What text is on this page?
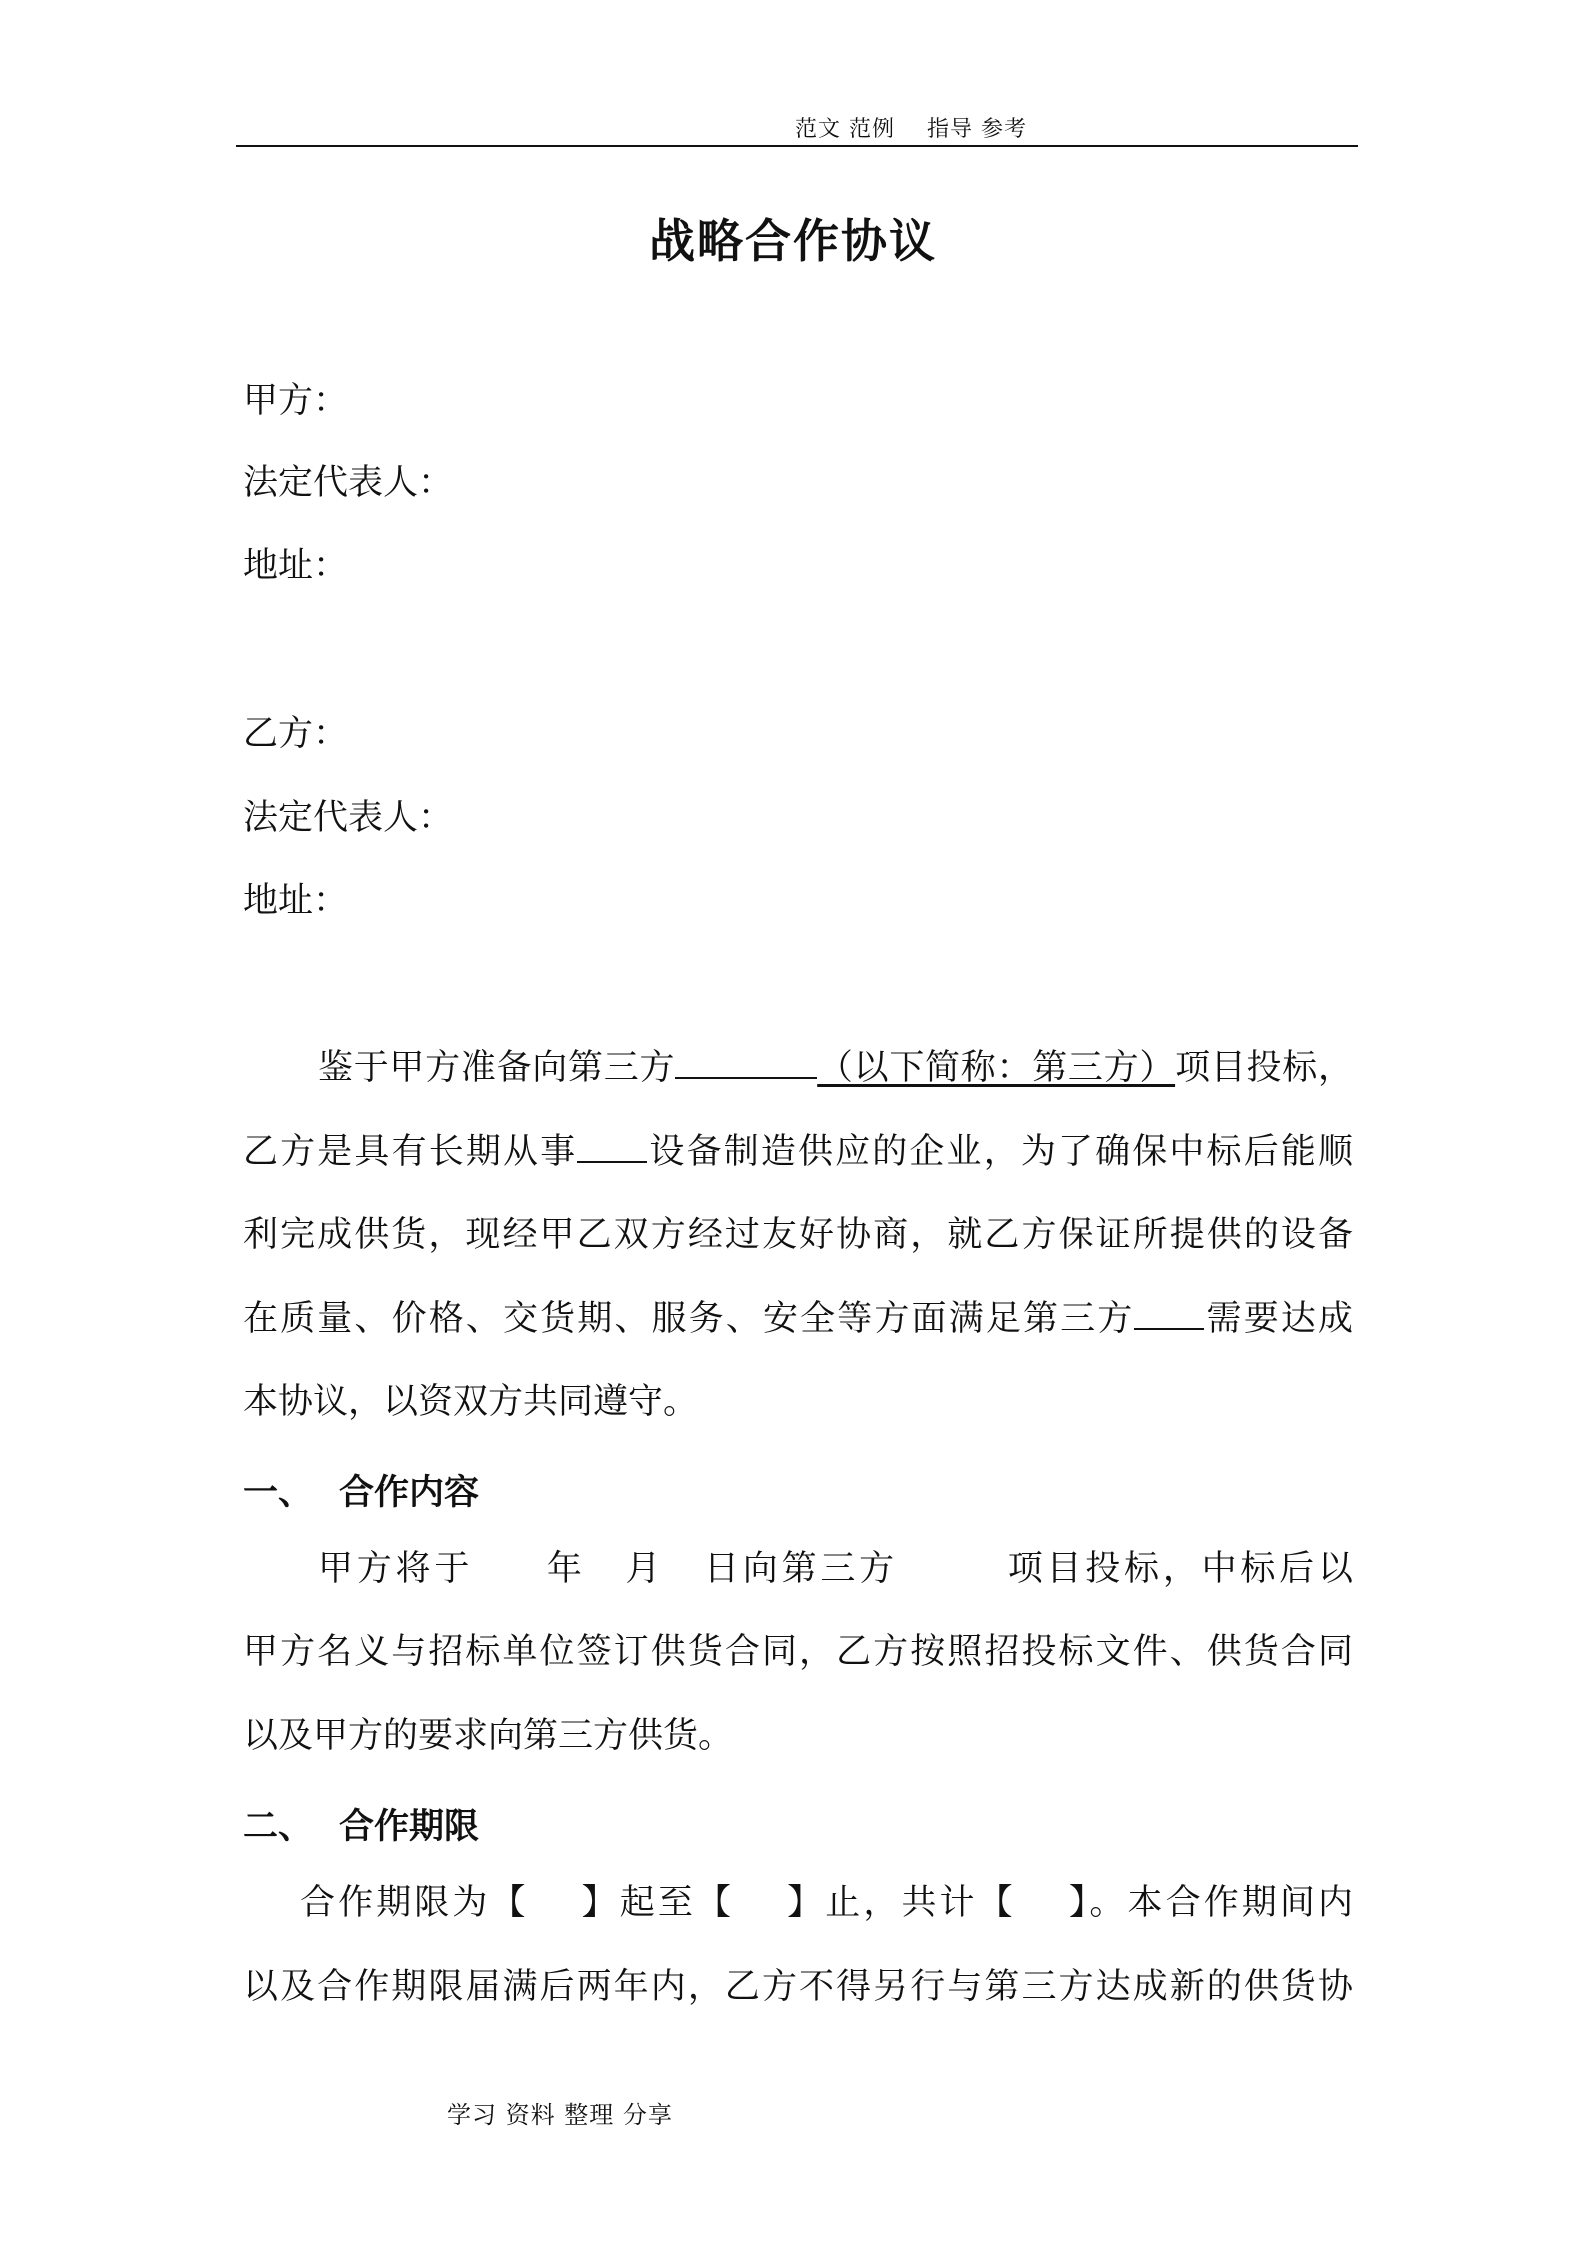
范文 范例    指导 参考
战略合作协议
甲方：
法定代表人：
地址：
乙方：
法定代表人：
地址：
鉴于甲方准备向第三方	（以下简称：第三方）项目投标，
乙方是具有长期从事 设备制造供应的企业，为了确保中标后能顺
利完成供货，现经甲乙双方经过友好协商，就乙方保证所提供的设备
在质量、价格、交货期、服务、安全等方面满足第三方 需要达成
本协议，以资双方共同遵守。
一、 合作内容
甲方将于 年 月 日向第三方	项目投标，中标后以
甲方名义与招标单位签订供货合同，乙方按照招投标文件、供货合同
以及甲方的要求向第三方供货。
二、 合作期限
合作期限为【 】起至【 】止，共计【 】。本合作期间内
以及合作期限届满后两年内，乙方不得另行与第三方达成新的供货协
学习 资料 整理 分享
